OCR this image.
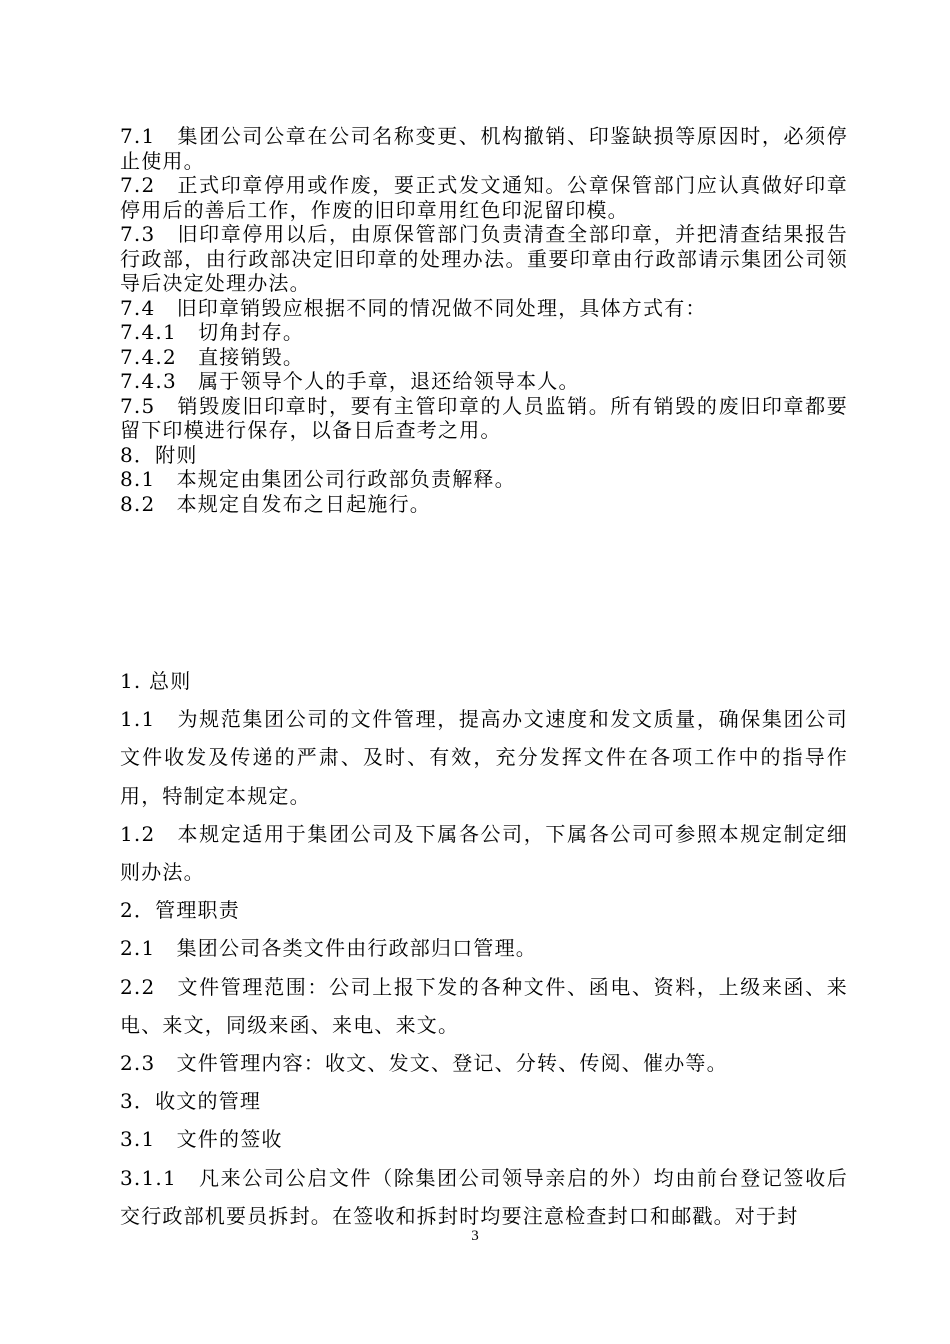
7.1　集团公司公章在公司名称变更、机构撤销、印鉴缺损等原因时，必须停止使用。

7.2　正式印章停用或作废，要正式发文通知。公章保管部门应认真做好印章停用后的善后工作，作废的旧印章用红色印泥留印模。

7.3　旧印章停用以后，由原保管部门负责清查全部印章，并把清查结果报告行政部，由行政部决定旧印章的处理办法。重要印章由行政部请示集团公司领导后决定处理办法。

7.4　旧印章销毁应根据不同的情况做不同处理，具体方式有：

7.4.1　切角封存。

7.4.2　直接销毁。

7.4.3　属于领导个人的手章，退还给领导本人。

7.5　销毁废旧印章时，要有主管印章的人员监销。所有销毁的废旧印章都要留下印模进行保存，以备日后查考之用。

8．附则

8.1　本规定由集团公司行政部负责解释。

8.2　本规定自发布之日起施行。

1. 总则

1.1　为规范集团公司的文件管理，提高办文速度和发文质量，确保集团公司文件收发及传递的严肃、及时、有效，充分发挥文件在各项工作中的指导作用，特制定本规定。

1.2　本规定适用于集团公司及下属各公司，下属各公司可参照本规定制定细则办法。

2．管理职责

2.1　集团公司各类文件由行政部归口管理。

2.2　文件管理范围：公司上报下发的各种文件、函电、资料，上级来函、来电、来文，同级来函、来电、来文。

2.3　文件管理内容：收文、发文、登记、分转、传阅、催办等。

3．收文的管理

3.1　文件的签收

3.1.1　凡来公司公启文件（除集团公司领导亲启的外）均由前台登记签收后交行政部机要员拆封。在签收和拆封时均要注意检查封口和邮戳。对于封

3
